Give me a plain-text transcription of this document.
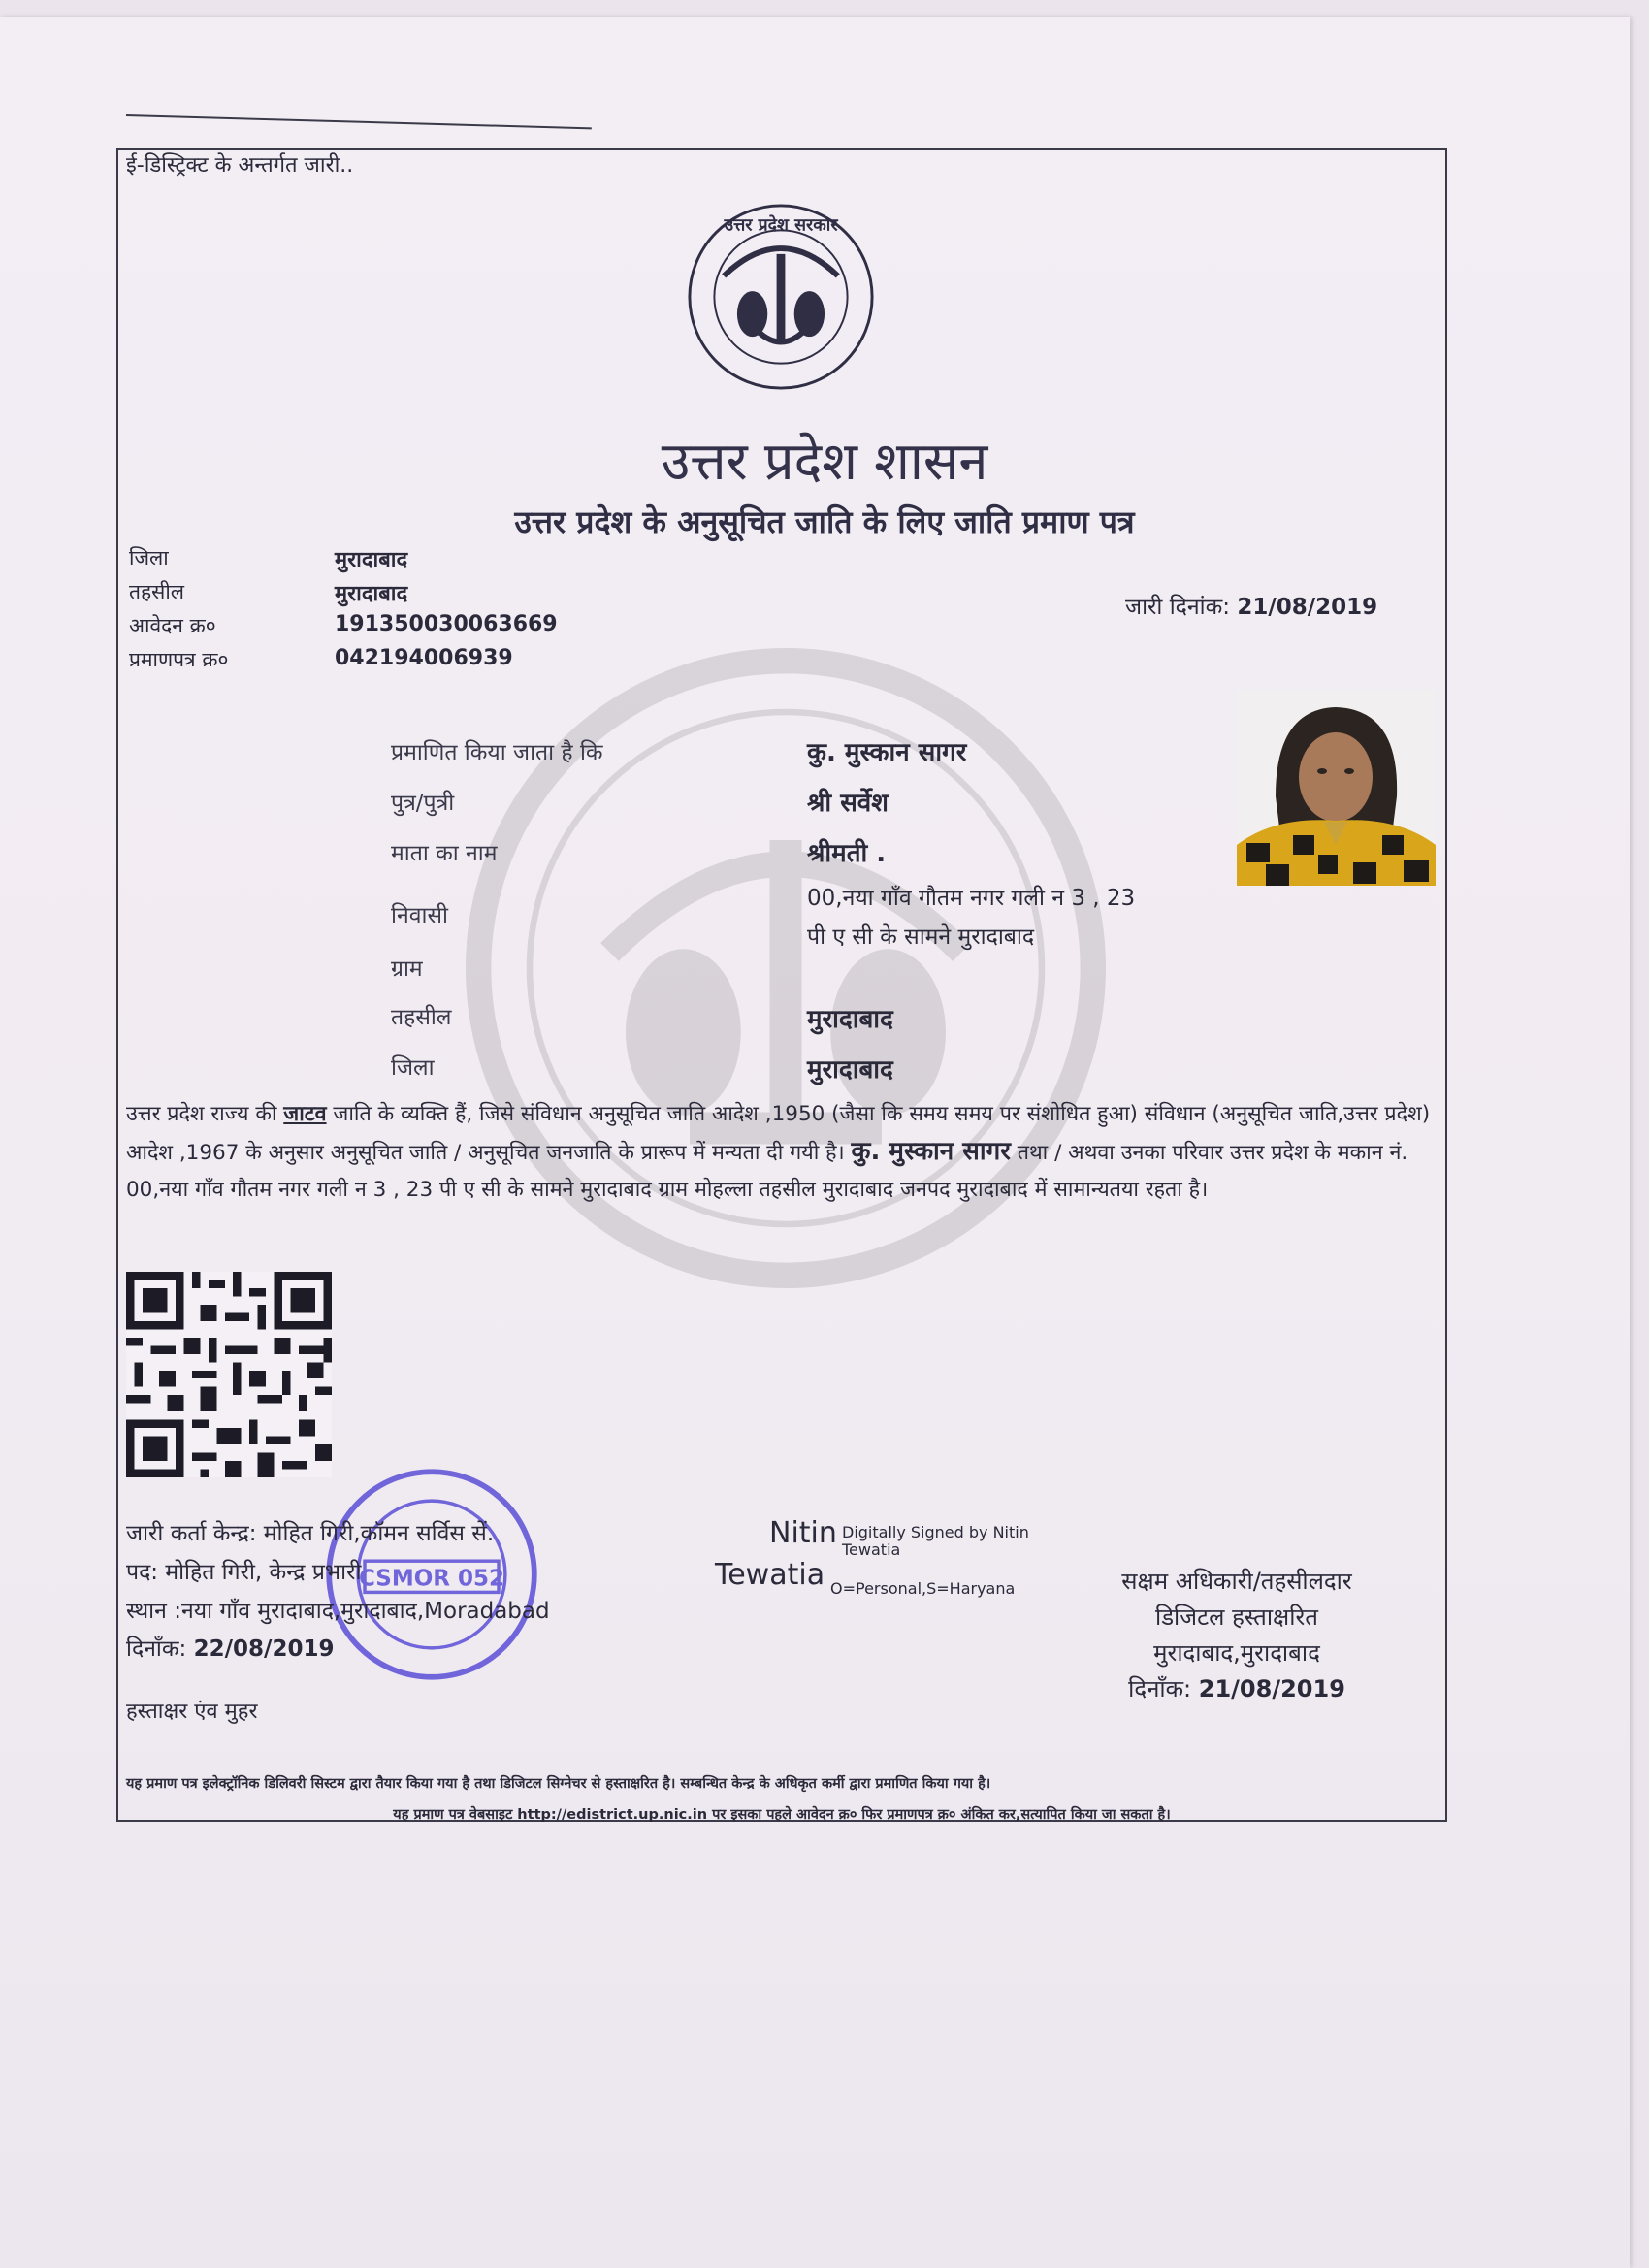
ई-डिस्ट्रिक्ट के अन्तर्गत जारी..
उत्तर प्रदेश सरकार
उत्तर प्रदेश शासन
उत्तर प्रदेश के अनुसूचित जाति के लिए जाति प्रमाण पत्र
जिला	मुरादाबाद
तहसील	मुरादाबाद
आवेदन क्र०	191350030063669
प्रमाणपत्र क्र०	042194006939
जारी दिनांक: 21/08/2019
प्रमाणित किया जाता है कि	कु. मुस्कान सागर
पुत्र/पुत्री	श्री सर्वेश
माता का नाम	श्रीमती .
निवासी
00,नया गाँव गौतम नगर गली न 3 , 23
पी ए सी के सामने मुरादाबाद
ग्राम
तहसील	मुरादाबाद
जिला	मुरादाबाद
उत्तर प्रदेश राज्य की जाटव जाति के व्यक्ति हैं, जिसे संविधान अनुसूचित जाति आदेश ,1950 (जैसा कि समय समय पर संशोधित हुआ) संविधान (अनुसूचित जाति,उत्तर प्रदेश) आदेश ,1967 के अनुसार अनुसूचित जाति / अनुसूचित जनजाति के प्रारूप में मन्यता दी गयी है। कु. मुस्कान सागर तथा / अथवा उनका परिवार उत्तर प्रदेश के मकान नं. 00,नया गाँव गौतम नगर गली न 3 , 23 पी ए सी के सामने मुरादाबाद ग्राम मोहल्ला तहसील मुरादाबाद जनपद मुरादाबाद में सामान्यतया रहता है।
CSMOR 052
जारी कर्ता केन्द्र: मोहित गिरी,कॉमन सर्विस सें.
पद: मोहित गिरी, केन्द्र प्रभारी
स्थान :नया गाँव मुरादाबाद,मुरादाबाद,Moradabad
दिनाँक: 22/08/2019
Nitin
Tewatia
Digitally Signed by Nitin
Tewatia
O=Personal,S=Haryana	सक्षम अधिकारी/तहसीलदार
डिजिटल हस्ताक्षरित
मुरादाबाद,मुरादाबाद
दिनाँक: 21/08/2019
हस्ताक्षर एंव मुहर
यह प्रमाण पत्र इलेक्ट्रॉनिक डिलिवरी सिस्टम द्वारा तैयार किया गया है तथा डिजिटल सिग्नेचर से हस्ताक्षरित है। सम्बन्धित केन्द्र के अधिकृत कर्मी द्वारा प्रमाणित किया गया है।
यह प्रमाण पत्र वेबसाइट http://edistrict.up.nic.in पर इसका पहले आवेदन क्र० फिर प्रमाणपत्र क्र० अंकित कर,सत्यापित किया जा सकता है।
